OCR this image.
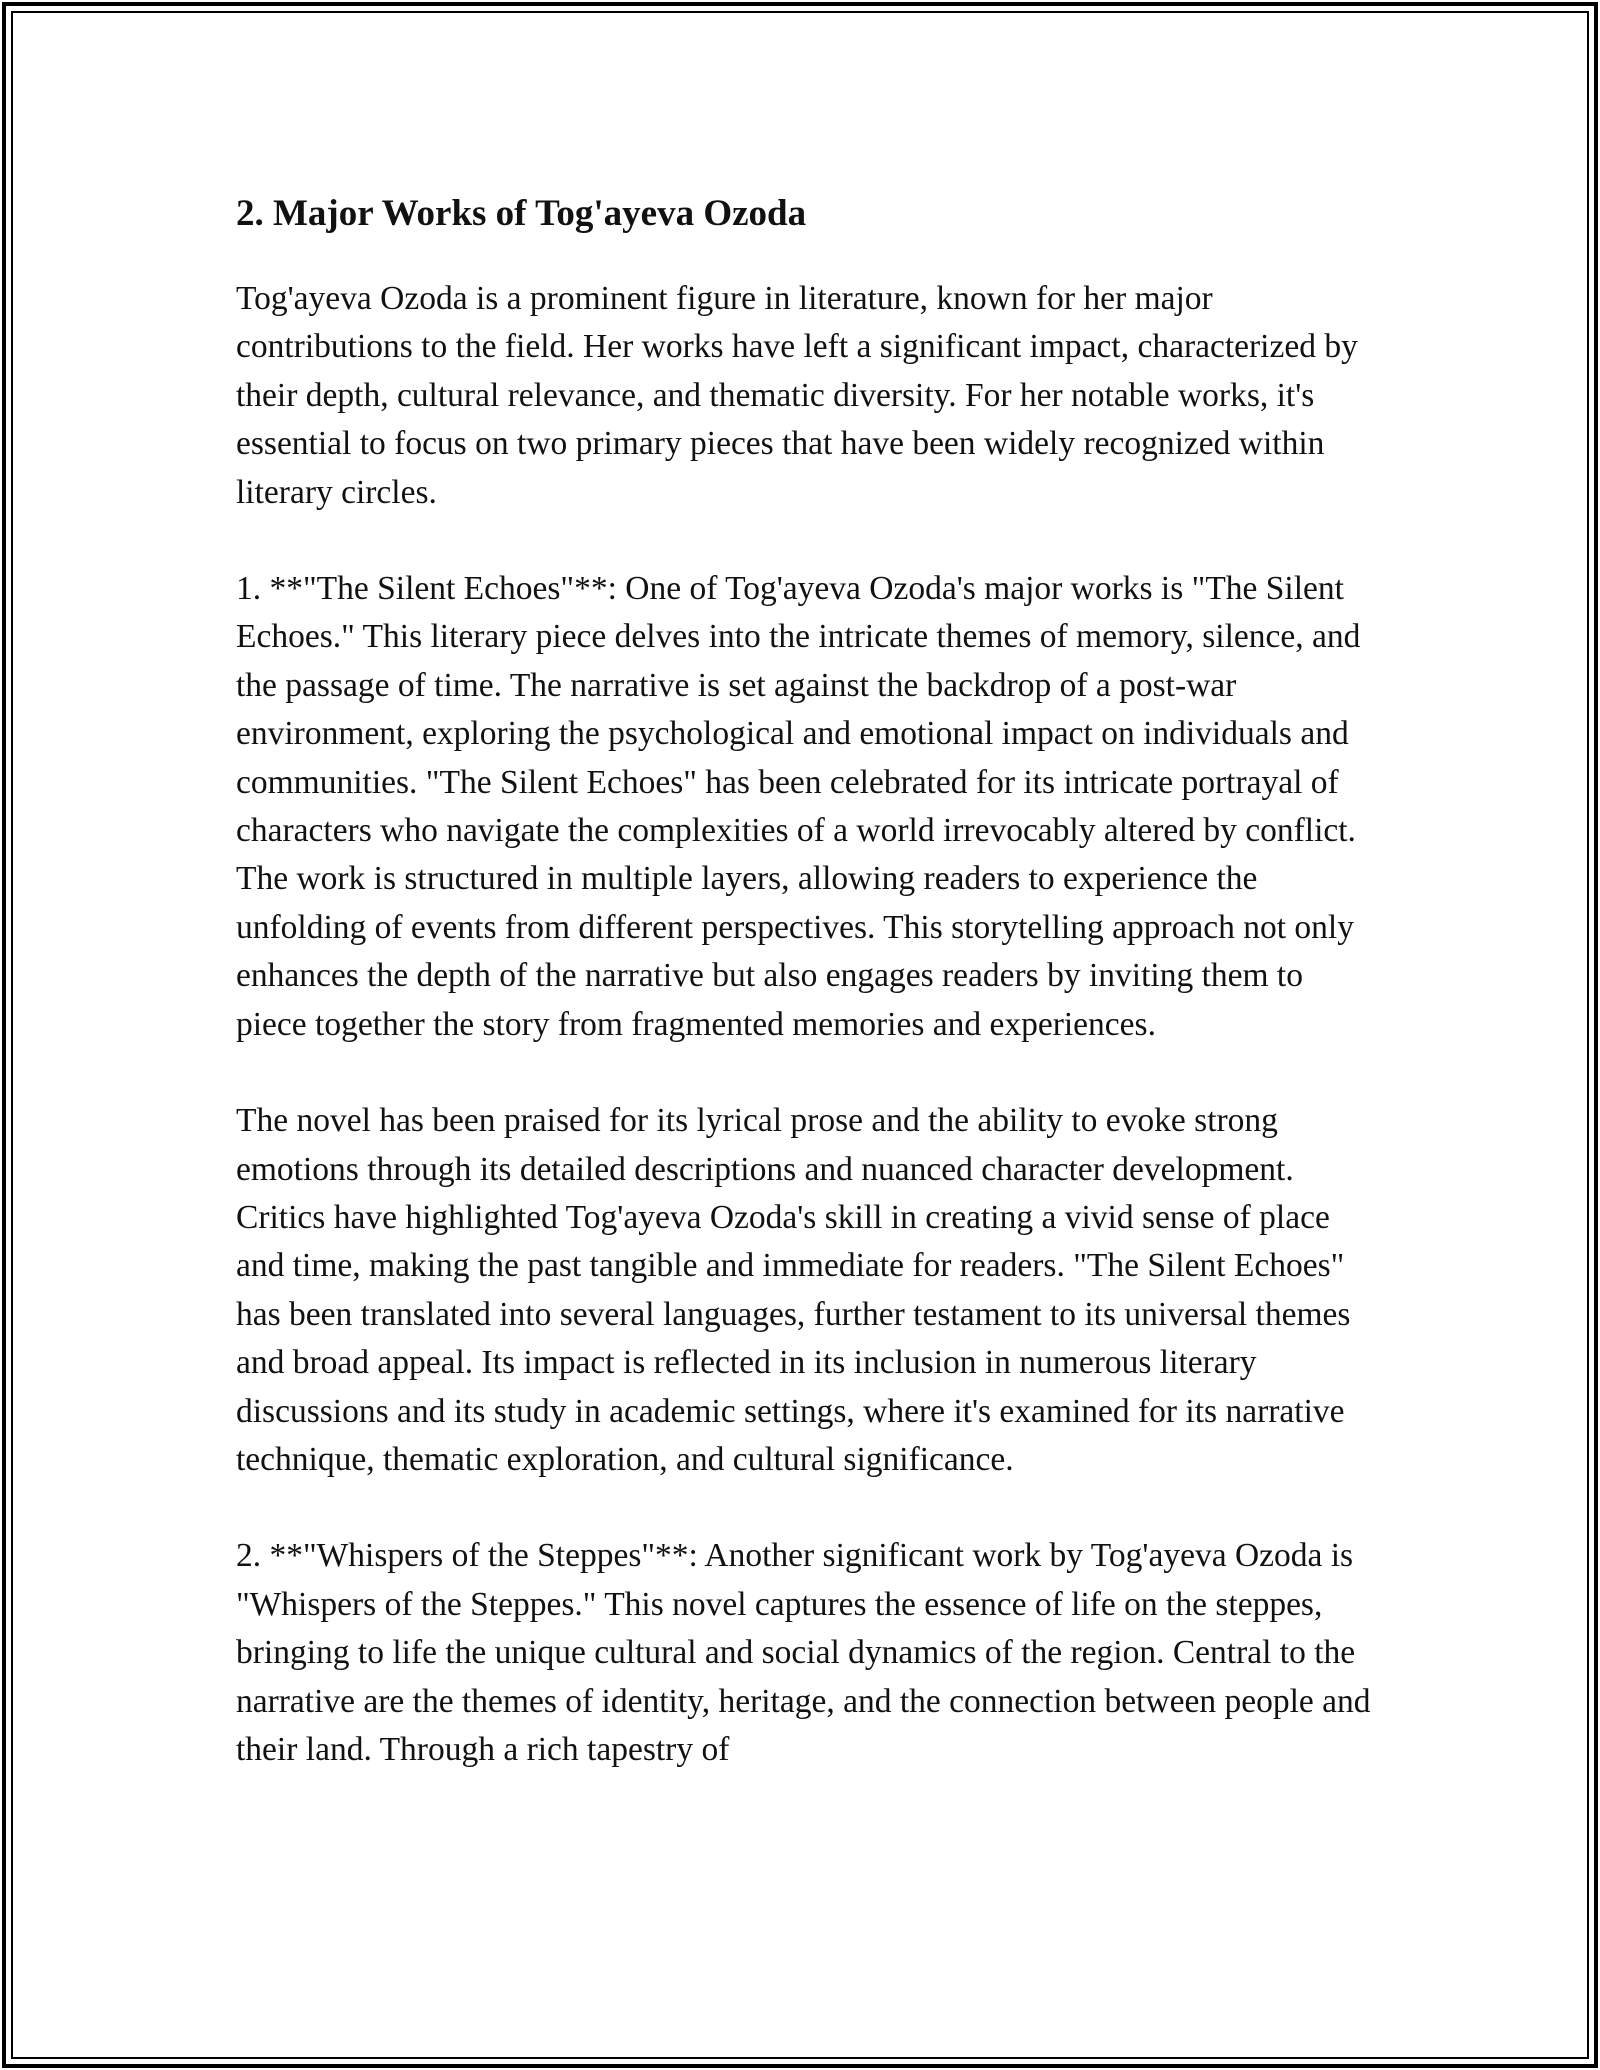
2. Major Works of Tog'ayeva Ozoda

Tog'ayeva Ozoda is a prominent figure in literature, known for her major contributions to the field. Her works have left a significant impact, characterized by their depth, cultural relevance, and thematic diversity. For her notable works, it's essential to focus on two primary pieces that have been widely recognized within literary circles.

1. **"The Silent Echoes"**: One of Tog'ayeva Ozoda's major works is "The Silent Echoes." This literary piece delves into the intricate themes of memory, silence, and the passage of time. The narrative is set against the backdrop of a post-war environment, exploring the psychological and emotional impact on individuals and communities. "The Silent Echoes" has been celebrated for its intricate portrayal of characters who navigate the complexities of a world irrevocably altered by conflict. The work is structured in multiple layers, allowing readers to experience the unfolding of events from different perspectives. This storytelling approach not only enhances the depth of the narrative but also engages readers by inviting them to piece together the story from fragmented memories and experiences.

The novel has been praised for its lyrical prose and the ability to evoke strong emotions through its detailed descriptions and nuanced character development. Critics have highlighted Tog'ayeva Ozoda's skill in creating a vivid sense of place and time, making the past tangible and immediate for readers. "The Silent Echoes" has been translated into several languages, further testament to its universal themes and broad appeal. Its impact is reflected in its inclusion in numerous literary discussions and its study in academic settings, where it's examined for its narrative technique, thematic exploration, and cultural significance.

2. **"Whispers of the Steppes"**: Another significant work by Tog'ayeva Ozoda is "Whispers of the Steppes." This novel captures the essence of life on the steppes, bringing to life the unique cultural and social dynamics of the region. Central to the narrative are the themes of identity, heritage, and the connection between people and their land. Through a rich tapestry of
